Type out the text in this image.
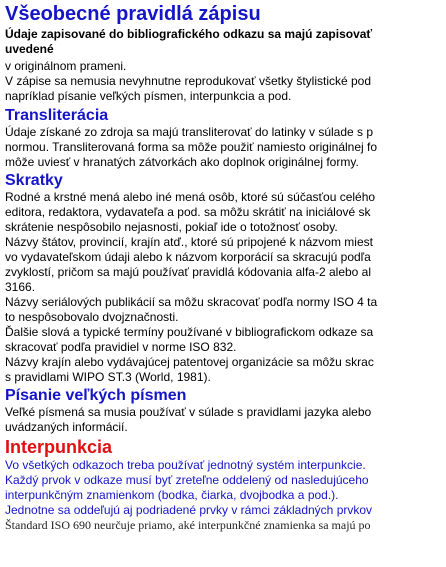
Všeobecné pravidlá zápisu
Údaje zapisované do bibliografického odkazu sa majú zapisovať
uvedené
v originálnom prameni.
V zápise sa nemusia nevyhnutne reprodukovať všetky štylistické pod
napríklad písanie veľkých písmen, interpunkcia a pod.
Transliterácia
Údaje získané zo zdroja sa majú transliterovať do latinky v súlade s p
normou. Transliterovaná forma sa môže použiť namiesto originálnej fo
môže uviesť v hranatých zátvorkách ako doplnok originálnej formy.
Skratky
Rodné a krstné mená alebo iné mená osôb, ktoré sú súčasťou celého
editora, redaktora, vydavateľa a pod. sa môžu skrátiť na iniciálové sk
skrátenie nespôsobilo nejasnosti, pokiaľ ide o totožnosť osoby.
Názvy štátov, provincií, krajín atď., ktoré sú pripojené k názvom miest
vo vydavateľskom údaji alebo k názvom korporácií sa skracujú podľa
zvyklostí, pričom sa majú používať pravidlá kódovania alfa-2 alebo al
3166.
Názvy seriálových publikácií sa môžu skracovať podľa normy ISO 4 ta
to nespôsobovalo dvojznačnosti.
Ďalšie slová a typické termíny používané v bibliografickom odkaze sa
skracovať podľa pravidiel v norme ISO 832.
Názvy krajín alebo vydávajúcej patentovej organizácie sa môžu skrac
s pravidlami WIPO ST.3 (World, 1981).
Písanie veľkých písmen
Veľké písmená sa musia používať v súlade s pravidlami jazyka alebo
uvádzaných informácií.
Interpunkcia
Vo všetkých odkazoch treba používať jednotný systém interpunkcie.
Každý prvok v odkaze musí byť zreteľne oddelený od nasledujúceho
interpunkčným znamienkom (bodka, čiarka, dvojbodka a pod.).
Jednotne sa oddeľujú aj podriadené prvky v rámci základných prvkov
Štandard ISO 690 neurčuje priamo, aké interpunkčné znamienka sa majú po
